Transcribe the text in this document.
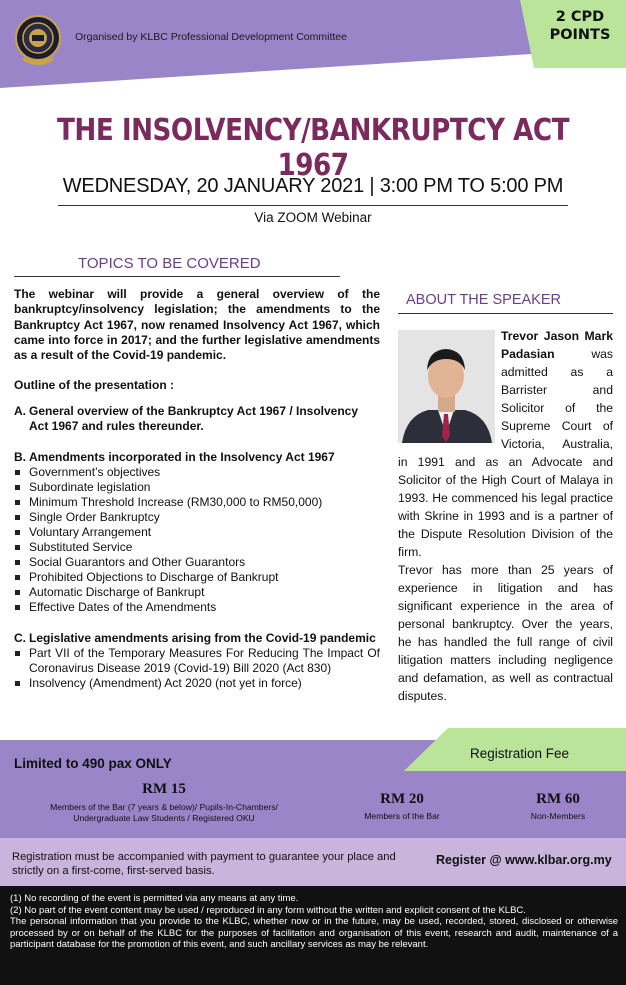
Organised by KLBC Professional Development Committee
2 CPD
POINTS
THE INSOLVENCY/BANKRUPTCY ACT 1967
WEDNESDAY, 20 JANUARY 2021 | 3:00 PM TO 5:00 PM
Via ZOOM Webinar
TOPICS TO BE COVERED
The webinar will provide a general overview of the bankruptcy/insolvency legislation; the amendments to the Bankruptcy Act 1967, now renamed Insolvency Act 1967, which came into force in 2017; and the further legislative amendments as a result of the Covid-19 pandemic.
Outline of the presentation :
A. General overview of the Bankruptcy Act 1967 / Insolvency Act 1967 and rules thereunder.
B. Amendments incorporated in the Insolvency Act 1967
Government’s objectives
Subordinate legislation
Minimum Threshold Increase (RM30,000 to RM50,000)
Single Order Bankruptcy
Voluntary Arrangement
Substituted Service
Social Guarantors and Other Guarantors
Prohibited Objections to Discharge of Bankrupt
Automatic Discharge of Bankrupt
Effective Dates of the Amendments
C. Legislative amendments arising from the Covid-19 pandemic
Part VII of the Temporary Measures For Reducing The Impact Of Coronavirus Disease 2019 (Covid-19) Bill 2020 (Act 830)
Insolvency (Amendment) Act 2020 (not yet in force)
ABOUT THE SPEAKER
Trevor Jason Mark
Padasian	was
admitted as a
Barrister	and
Solicitor of the
Supreme Court of
Victoria, Australia,
in 1991 and as an Advocate and Solicitor of the High Court of Malaya in 1993. He commenced his legal practice with Skrine in 1993 and is a partner of the Dispute Resolution Division of the firm.
Trevor has more than 25 years of experience in litigation and has significant experience in the area of personal bankruptcy. Over the years, he has handled the full range of civil litigation matters including negligence and defamation, as well as contractual disputes.
Limited to 490 pax ONLY
Registration Fee
RM 15
Members of the Bar (7 years & below)/ Pupils-In-Chambers/
Undergraduate Law Students / Registered OKU
RM 20
Members of the Bar
RM 60
Non-Members
Registration must be accompanied with payment to guarantee your place and strictly on a first-come, first-served basis.
Register @ www.klbar.org.my
(1) No recording of the event is permitted via any means at any time.
(2) No part of the event content may be used / reproduced in any form without the written and explicit consent of the KLBC.
The personal information that you provide to the KLBC, whether now or in the future, may be used, recorded, stored, disclosed or otherwise processed by or on behalf of the KLBC for the purposes of facilitation and organisation of this event, research and audit, maintenance of a participant database for the promotion of this event, and such ancillary services as may be relevant.
